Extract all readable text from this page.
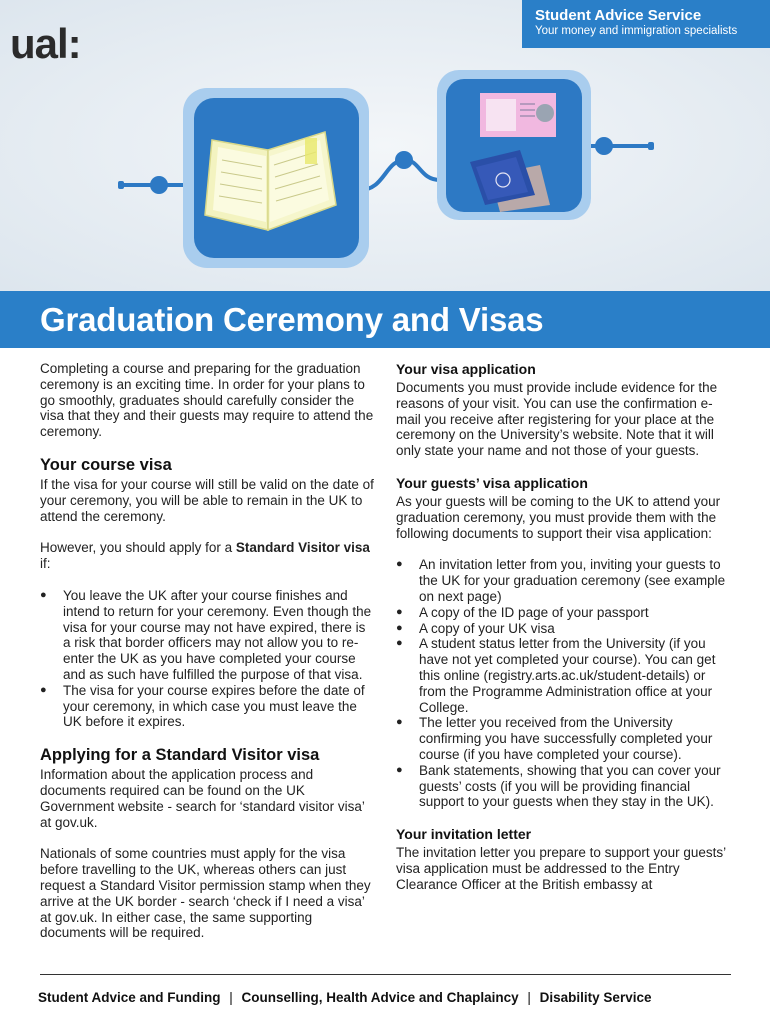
ual:
Student Advice Service
Your money and immigration specialists
Graduation Ceremony and Visas

Completing a course and preparing for the graduation ceremony is an exciting time. In order for your plans to go smoothly, graduates should carefully consider the visa that they and their guests may require to attend the ceremony.

Your course visa

If the visa for your course will still be valid on the date of your ceremony, you will be able to remain in the UK to attend the ceremony.

However, you should apply for a Standard Visitor visa if:

● You leave the UK after your course finishes and intend to return for your ceremony. Even though the visa for your course may not have expired, there is a risk that border officers may not allow you to re-enter the UK as you have completed your course and as such have fulfilled the purpose of that visa.
● The visa for your course expires before the date of your ceremony, in which case you must leave the UK before it expires.
Applying for a Standard Visitor visa

Information about the application process and documents required can be found on the UK Government website - search for ‘standard visitor visa’ at gov.uk.

Nationals of some countries must apply for the visa before travelling to the UK, whereas others can just request a Standard Visitor permission stamp when they arrive at the UK border - search ‘check if I need a visa’ at gov.uk. In either case, the same supporting documents will be required.

Your visa application

Documents you must provide include evidence for the reasons of your visit. You can use the confirmation e-mail you receive after registering for your place at the ceremony on the University’s website. Note that it will only state your name and not those of your guests.

Your guests’ visa application

As your guests will be coming to the UK to attend your graduation ceremony, you must provide them with the following documents to support their visa application:

● An invitation letter from you, inviting your guests to the UK for your graduation ceremony (see example on next page)
● A copy of the ID page of your passport
● A copy of your UK visa
● A student status letter from the University (if you have not yet completed your course). You can get this online (registry.arts.ac.uk/student-details) or from the Programme Administration office at your College.
● The letter you received from the University confirming you have successfully completed your course (if you have completed your course).
● Bank statements, showing that you can cover your guests’ costs (if you will be providing financial support to your guests when they stay in the UK).
Your invitation letter

The invitation letter you prepare to support your guests’ visa application must be addressed to the Entry Clearance Officer at the British embassy at

Student Advice and Funding | Counselling, Health Advice and Chaplaincy | Disability Service
